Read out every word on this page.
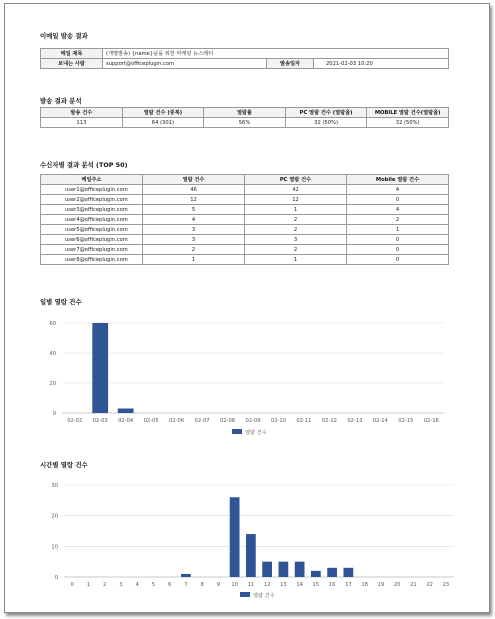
이메일 발송 결과
메일 제목	(개별발송) {name}님을 위한 마케팅 뉴스레터		
보내는 사람	support@officeplugin.com	발송일자	2021-02-03 10:20
발송 결과 분석
발송 건수	열람 건수 (중복)	열람률	PC 열람 건수 (열람율)	MOBILE 열람 건수(열람율)
113	64 (301)	56%	32 (50%)	32 (50%)
수신자별 결과 분석 (TOP 50)
메일주소	열람 건수	PC 열람 건수	Mobile 열람 건수
user1@officeplugin.com	46	42	4
user2@officeplugin.com	12	12	0
user3@officeplugin.com	5	1	4
user4@officeplugin.com	4	2	2
user5@officeplugin.com	3	2	1
user6@officeplugin.com	3	3	0
user7@officeplugin.com	2	2	0
user8@officeplugin.com	1	1	0
일별 열람 건수
0
20
40
60
02-02 02-03 02-04 02-05 02-06 02-07 02-08 02-09 02-10 02-11 02-12 02-13 02-14 02-15 02-16
열람 건수
시간별 열람 건수
0
10
20
30
0 1 2 3 4 5 6 7 8 9 10 11 12 13 14 15 16 17 18 19 20 21 22 23
열람 건수
